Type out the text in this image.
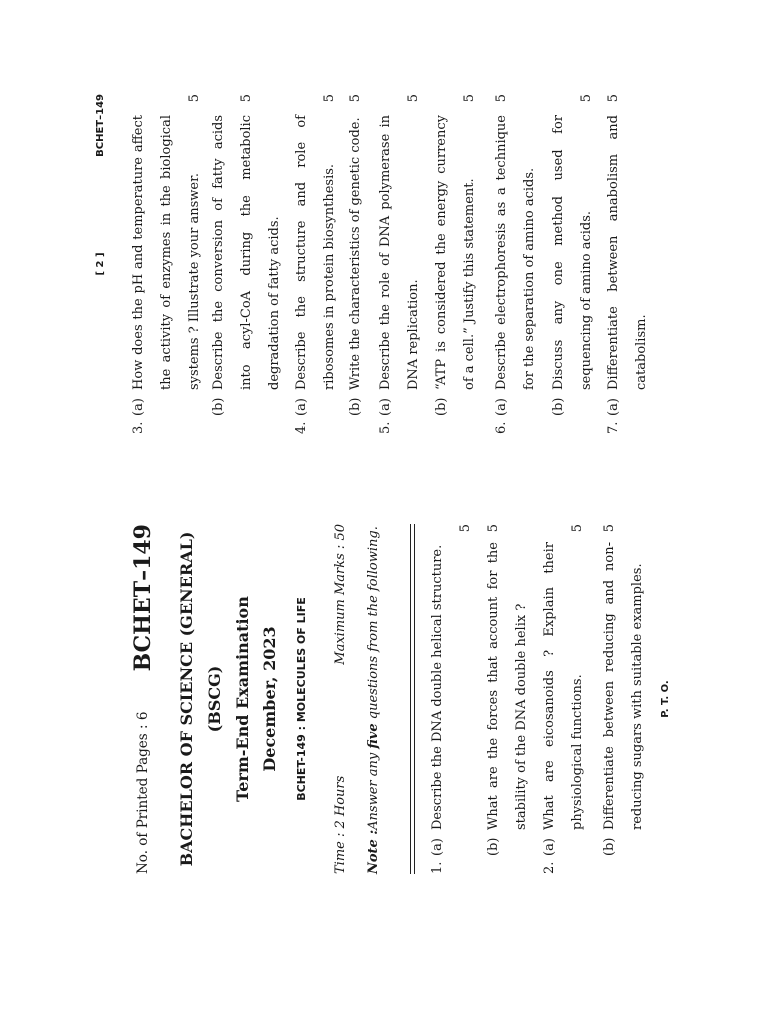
No. of Printed Pages : 6
BCHET–149 BACHELOR OF SCIENCE (GENERAL) (BSCG) Term-End Examination December, 2023 BCHET-149 : MOLECULES OF LIFE
Time : 2 Hours
Maximum Marks : 50
Note :Answer any five questions from the following.
1.
(a)
Describe the DNA double helical structure.
5
(b)
What are the forces that account for the stability of the DNA double helix ?
5
2.
(a)
What are eicosanoids ? Explain their physiological functions.
5
(b)
Differentiate between reducing and non-reducing sugars with suitable examples.
5
P. T. O.
[ 2 ]
BCHET–149
3.
(a)
How does the pH and temperature affect the activity of enzymes in the biological systems ? Illustrate your answer.
5
(b)
Describe the conversion of fatty acids into acyl-CoA during the metabolic degradation of fatty acids.
5
4.
(a)
Describe the structure and role of ribosomes in protein biosynthesis.
5
(b)
Write the characteristics of genetic code.
5
5.
(a)
Describe the role of DNA polymerase in DNA replication.
5
(b)
“ATP is considered the energy currency of a cell.” Justify this statement.
5
6.
(a)
Describe electrophoresis as a technique for the separation of amino acids.
5
(b)
Discuss any one method used for sequencing of amino acids.
5
7.
(a)
Differentiate between anabolism and catabolism.
5
